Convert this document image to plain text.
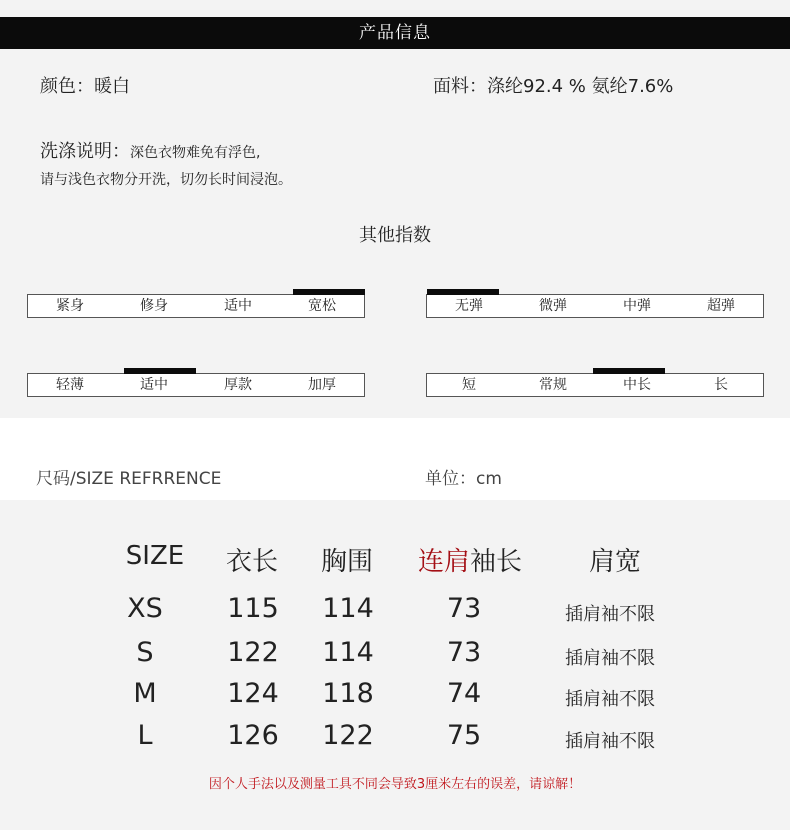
产品信息
颜色：暖白	面料：涤纶92.4 % 氨纶7.6%
洗涤说明：深色衣物难免有浮色,
请与浅色衣物分开洗，切勿长时间浸泡。
其他指数
紧身	修身	适中	宽松	无弹	微弹	中弹	超弹
轻薄	适中	厚款	加厚	短	常规	中长	长
尺码/SIZE REFRRENCE	单位：cm
SIZE	衣长	胸围	连肩袖长	肩宽
XS	115	114	73	插肩袖不限
S	122	114	73	插肩袖不限
M	124	118	74	插肩袖不限
L	126	122	75	插肩袖不限
因个人手法以及测量工具不同会导致3厘米左右的误差，请谅解！
